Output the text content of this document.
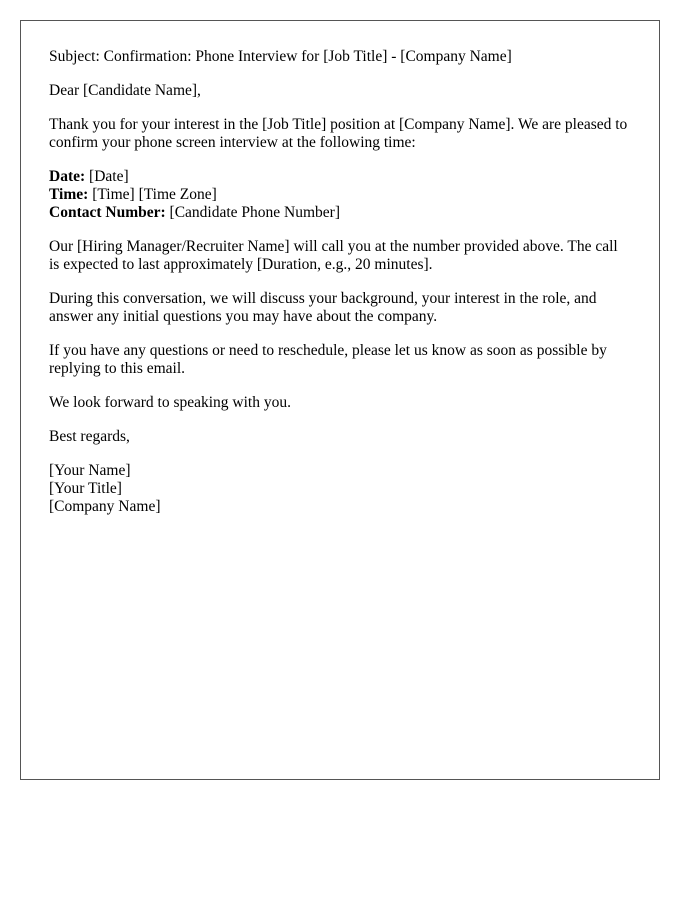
Subject: Confirmation: Phone Interview for [Job Title] - [Company Name]

Dear [Candidate Name],

Thank you for your interest in the [Job Title] position at [Company Name]. We are pleased to confirm your phone screen interview at the following time:

Date: [Date]
Time: [Time] [Time Zone]
Contact Number: [Candidate Phone Number]

Our [Hiring Manager/Recruiter Name] will call you at the number provided above. The call is expected to last approximately [Duration, e.g., 20 minutes].

During this conversation, we will discuss your background, your interest in the role, and answer any initial questions you may have about the company.

If you have any questions or need to reschedule, please let us know as soon as possible by replying to this email.

We look forward to speaking with you.

Best regards,

[Your Name]
[Your Title]
[Company Name]
